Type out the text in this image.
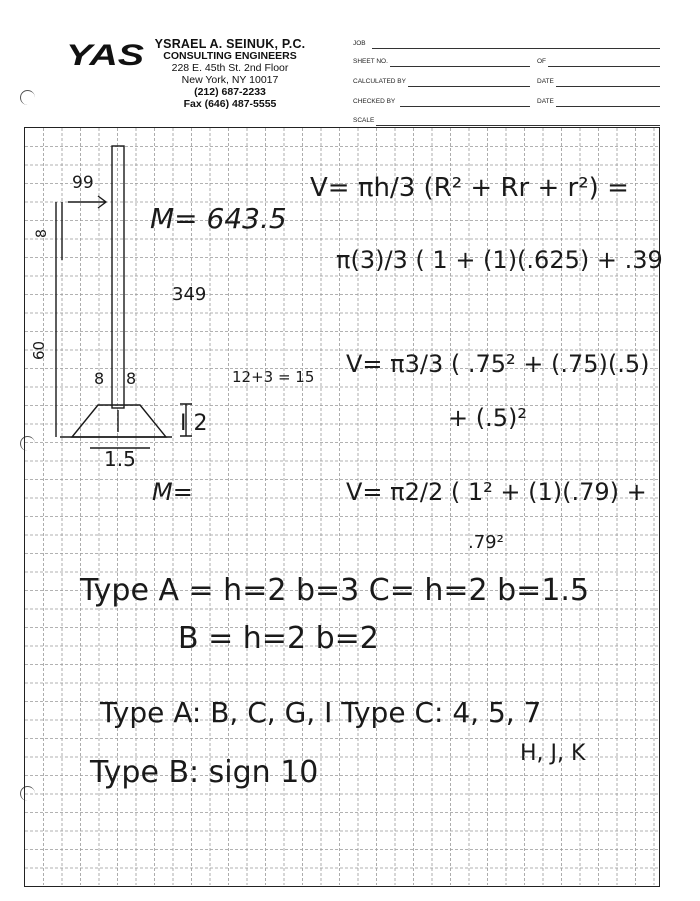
YAS YSRAEL A. SEINUK, P.C.
CONSULTING ENGINEERS
228 E. 45th St. 2nd Floor
New York, NY 10017
(212) 687-2233
Fax (646) 487-5555
JOB
SHEET NO.	OF
CALCULATED BY	DATE
CHECKED BY	DATE
SCALE
99
8
60
8 8
1.5
I 2
M= 643.5
349
12+3 = 15
M=
V= πh/3 (R² + Rr + r²) =
π(3)/3 ( 1 + (1)(.625) + .39
V= π3/3 ( .75² + (.75)(.5)
+ (.5)²
V= π2/2 ( 1² + (1)(.79) +
.79²
Type A = h=2 b=3 C= h=2 b=1.5
B = h=2 b=2
Type A: B, C, G, I Type C: 4, 5, 7
H, J, K
Type B: sign 10
